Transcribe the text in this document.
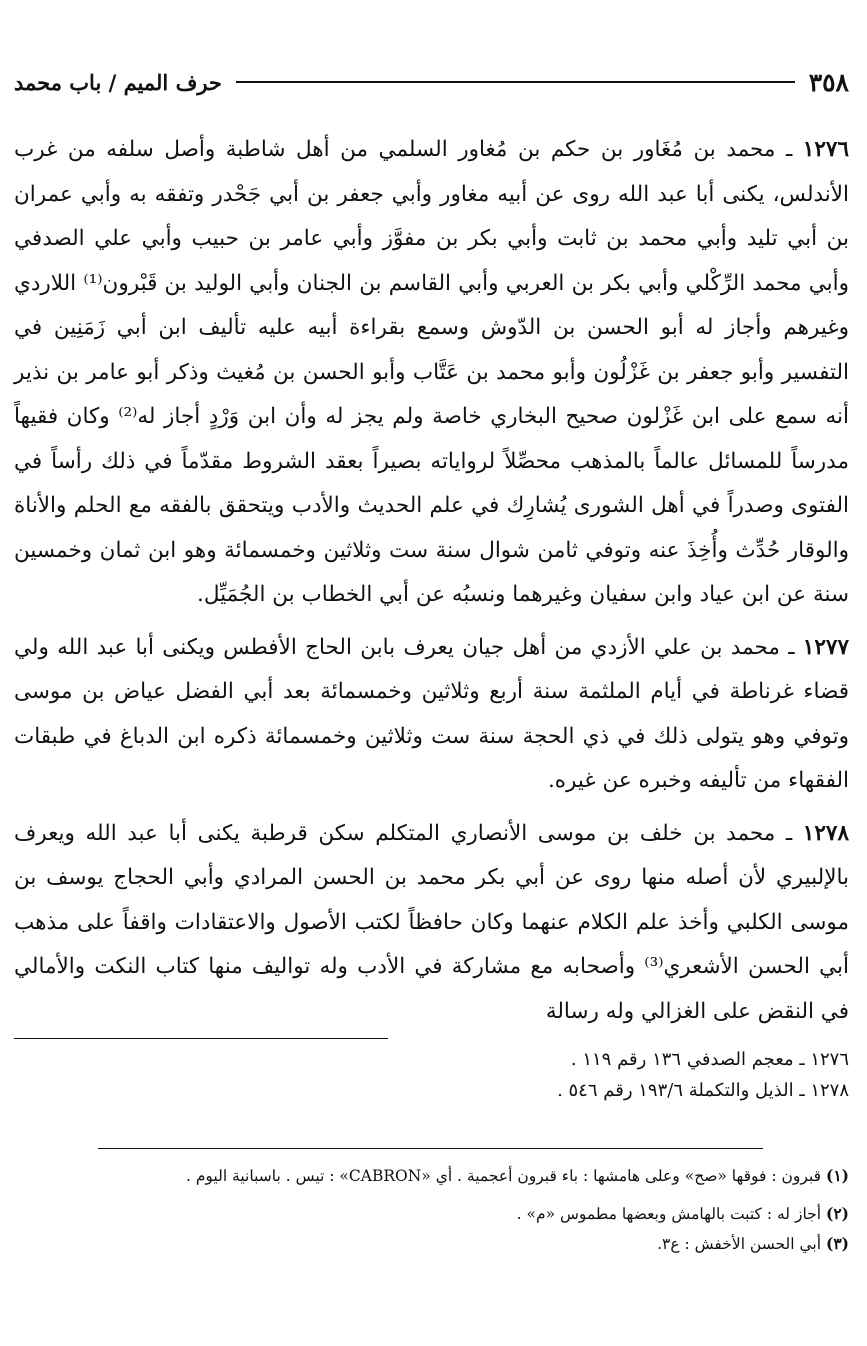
٣٥٨
حرف الميم / باب محمد

١٢٧٦ ـ محمد بن مُغَاور بن حكم بن مُغاور السلمي من أهل شاطبة وأصل سلفه من غرب الأندلس، يكنى أبا عبد الله روى عن أبيه مغاور وأبي جعفر بن أبي جَحْدر وتفقه به وأبي عمران بن أبي تليد وأبي محمد بن ثابت وأبي بكر بن مفوَّز وأبي عامر بن حبيب وأبي علي الصدفي وأبي محمد الرِّكْلي وأبي بكر بن العربي وأبي القاسم بن الجنان وأبي الوليد بن قَبْرون⁽¹⁾ اللاردي وغيرهم وأجاز له أبو الحسن بن الدّوش وسمع بقراءة أبيه عليه تأليف ابن أبي زَمَنِين في التفسير وأبو جعفر بن غَزْلُون وأبو محمد بن عَتَّاب وأبو الحسن بن مُغيث وذكر أبو عامر بن نذير أنه سمع على ابن غَزْلون صحيح البخاري خاصة ولم يجز له وأن ابن وَرْدٍ أجاز له⁽²⁾ وكان فقيهاً مدرساً للمسائل عالماً بالمذهب محصِّلاً لرواياته بصيراً بعقد الشروط مقدّماً في ذلك رأساً في الفتوى وصدراً في أهل الشورى يُشارِك في علم الحديث والأدب ويتحقق بالفقه مع الحلم والأناة والوقار حُدِّث وأُخِذَ عنه وتوفي ثامن شوال سنة ست وثلاثين وخمسمائة وهو ابن ثمان وخمسين سنة عن ابن عياد وابن سفيان وغيرهما ونسبُه عن أبي الخطاب بن الجُمَيِّل.

١٢٧٧ ـ محمد بن علي الأزدي من أهل جيان يعرف بابن الحاج الأفطس ويكنى أبا عبد الله ولي قضاء غرناطة في أيام الملثمة سنة أربع وثلاثين وخمسمائة بعد أبي الفضل عياض بن موسى وتوفي وهو يتولى ذلك في ذي الحجة سنة ست وثلاثين وخمسمائة ذكره ابن الدباغ في طبقات الفقهاء من تأليفه وخبره عن غيره.

١٢٧٨ ـ محمد بن خلف بن موسى الأنصاري المتكلم سكن قرطبة يكنى أبا عبد الله ويعرف بالإلبيري لأن أصله منها روى عن أبي بكر محمد بن الحسن المرادي وأبي الحجاج يوسف بن موسى الكلبي وأخذ علم الكلام عنهما وكان حافظاً لكتب الأصول والاعتقادات واقفاً على مذهب أبي الحسن الأشعري⁽³⁾ وأصحابه مع مشاركة في الأدب وله تواليف منها كتاب النكت والأمالي في النقض على الغزالي وله رسالة

١٢٧٦ ـ معجم الصدفي ١٣٦ رقم ١١٩ .
١٢٧٨ ـ الذيل والتكملة ١٩٣/٦ رقم ٥٤٦ .
(١) قبرون : فوقها «صح» وعلى هامشها : باء قبرون أعجمية . أي «CABRON» : تيس . باسبانية اليوم .
(٢) أجاز له : كتبت بالهامش وبعضها مطموس «م» .
(٣) أبي الحسن الأخفش : ع٣.
